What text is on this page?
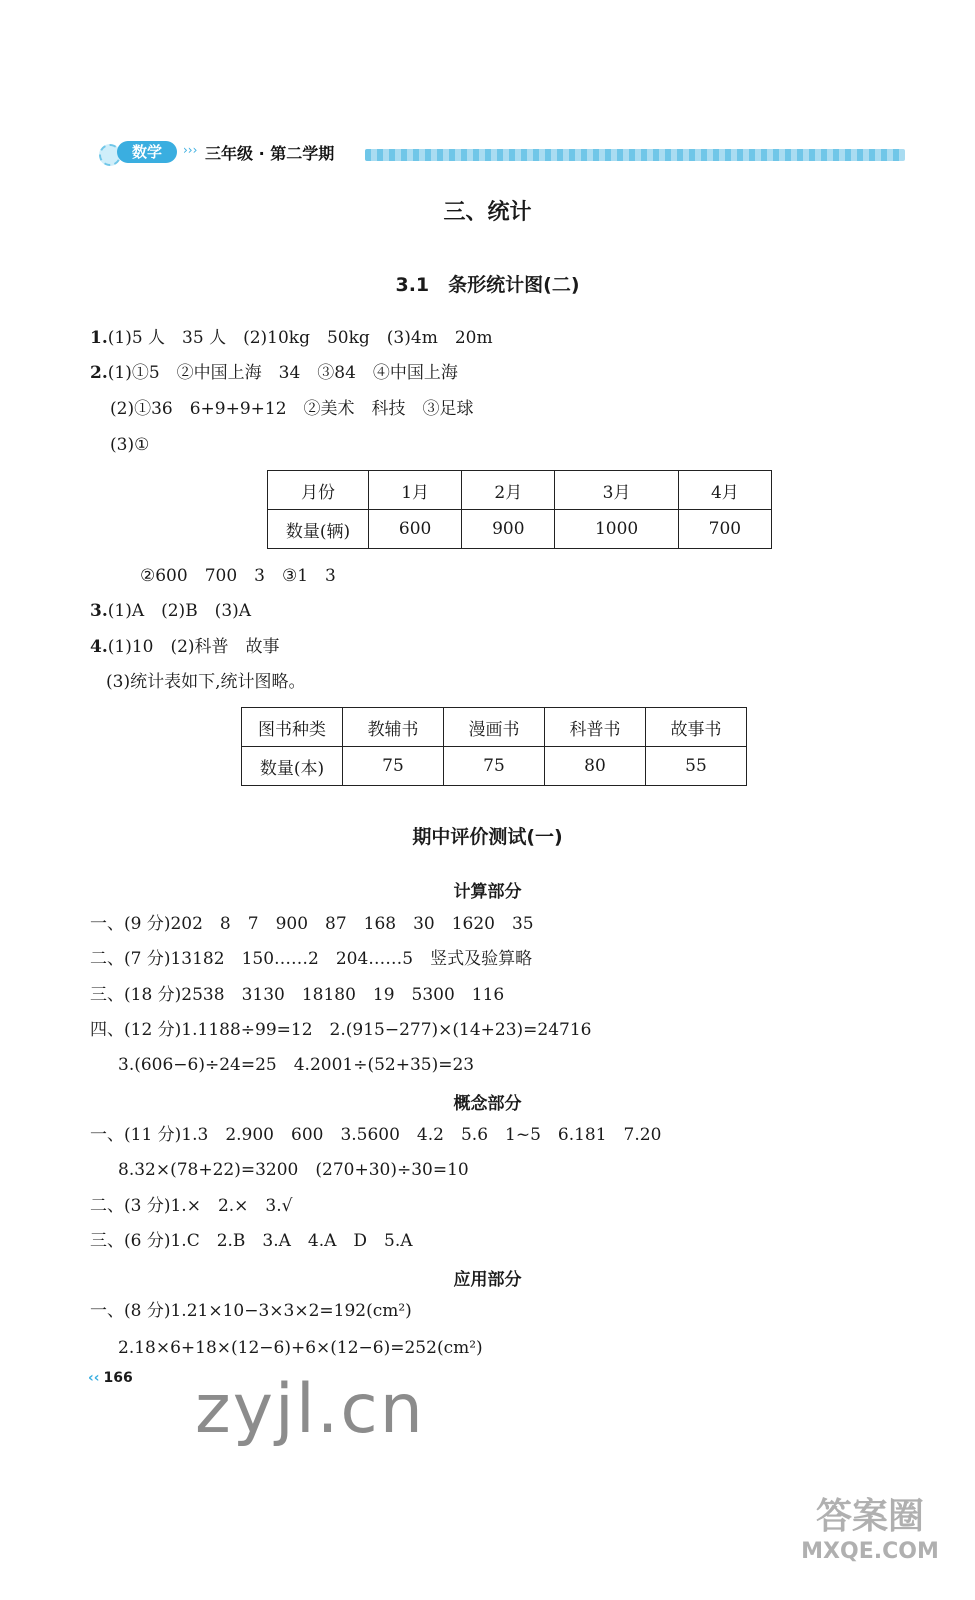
数学	››› 三年级 · 第二学期
三、统计
3.1　条形统计图(二)
1.(1)5 人　35 人　(2)10kg　50kg　(3)4m　20m
2.(1)①5　②中国上海　34　③84　④中国上海
(2)①36　6+9+9+12　②美术　科技　③足球
(3)①
月份	1月	2月	3月	4月
数量(辆)	600	900	1000	700
②600　700　3　③1　3
3.(1)A　(2)B　(3)A
4.(1)10　(2)科普　故事
(3)统计表如下,统计图略。
图书种类	教辅书	漫画书	科普书	故事书
数量(本)	75	75	80	55
期中评价测试(一)
计算部分
一、(9 分)202　8　7　900　87　168　30　1620　35
二、(7 分)13182　150……2　204……5　竖式及验算略
三、(18 分)2538　3130　18180　19　5300　116
四、(12 分)1.1188÷99=12　2.(915−277)×(14+23)=24716
3.(606−6)÷24=25　4.2001÷(52+35)=23
概念部分
一、(11 分)1.3　2.900　600　3.5600　4.2　5.6　1~5　6.181　7.20
8.32×(78+22)=3200　(270+30)÷30=10
二、(3 分)1.×　2.×　3.√
三、(6 分)1.C　2.B　3.A　4.A　D　5.A
应用部分
一、(8 分)1.21×10−3×3×2=192(cm²)
2.18×6+18×(12−6)+6×(12−6)=252(cm²)
‹‹ 166 zyjl.cn
答案圈
MXQE.COM
